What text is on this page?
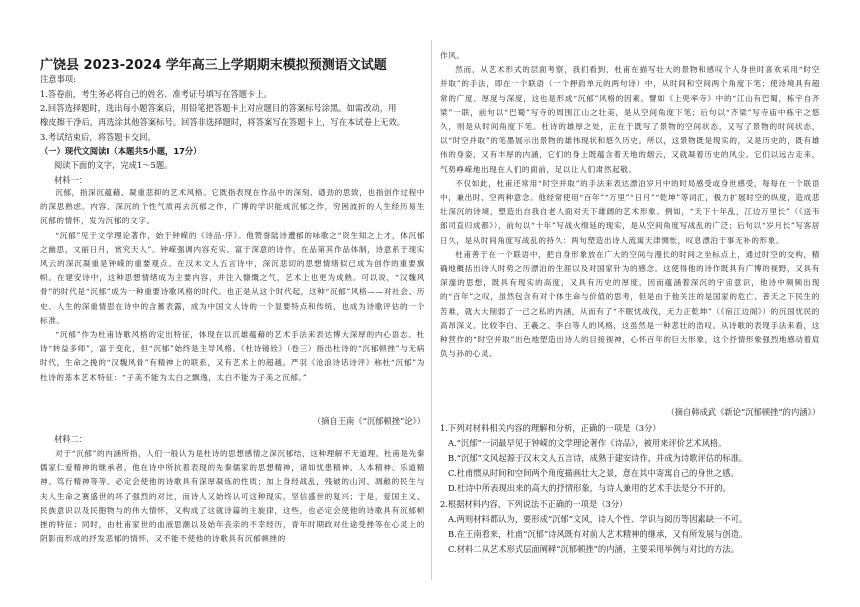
广饶县 2023-2024 学年高三上学期期末模拟预测语文试题
注意事项:
1.答卷前，考生务必将自己的姓名、准考证号填写在答题卡上。
2.回答选择题时，选出每小题答案后，用铅笔把答题卡上对应题目的答案标号涂黑。如需改动，用
橡皮擦干净后，再选涂其他答案标号。回答非选择题时，将答案写在答题卡上，写在本试卷上无效。
3.考试结束后，将答题卡交回。
（一）现代文阅读Ⅰ（本题共5小题，17分）
阅读下面的文字，完成1～5题。
材料一：

沉郁，指深沉蕴藉、凝重悲抑的艺术风格。它既指表现在作品中的深刻、遒劲的思致，也指创作过程中的深思熟虑。内容、深沉的个性气质再去沉郁之作，广博的学识能成沉郁之作，穷困波折的人生经历易生沉郁的情怀，发为沉郁的文字。

“沉郁”见于文学理论著作，始于钟嵘的《诗品·序》。他赞誉陆诗遭郁的咏歌之“资生知之上才，体沉郁之幽思，文丽日月，赏究天人”。钟嵘强调内容充实、富于深意的诗作，在品第其作品体制，诗意系于现实风云的深沉凝重是钟嵘的重要观点。在汉末文人五言诗中，深沉悲切的思想情绪似已成为创作的重要旗帜。在建安诗中，这种思想情绪成为主要内容，并注入慷慨之气，艺术上也更为成熟。可以说，“汉魏风骨”的时代是“沉郁”成为一种重要诗歌风格的时代。也正是从这个时代起，这种“沉郁”风格——对社会、历史、人生的深重情思在诗中的含蓄表露，成为中国文人诗的一个显要特点和传统，也成为诗歌评估的一个标准。

“沉郁”作为杜甫诗歌风格的定出特征，体现在以沉雄蕴藉的艺术手法来表达博大深厚的内心语志。杜诗“转益多师”，富于变化，但“沉郁”始终是主导风格。《杜诗镜铨》（卷三）指出杜诗的“沉郁顿挫”与无病时代，生命之挽的“汉魏风骨”有精神上的联系，又有艺术上的超越。严羽《沧浪诗话诗评》称杜“沉郁”为杜诗的基本艺术特征：“子美不能为太白之飘逸，太白不能为子美之沉郁。”

（摘自王南《“沉郁顿挫”论》）
材料二：

对于“沉郁”的内涵所指，人们一般认为是杜诗的思想感情之深沉郁结，这种理解不无道理。杜甫是先秦儒家仁爱精神的继承者，他在诗中所抗着表现的先秦儒家的思想精神，诸如忧患精神、人本精神、乐道精神、笃行精神等等。必定会使他的诗歌具有深厚凝炼的性质；加上身经战乱，残破的山河、凋敝的民生与夫人生命之赛盛世的坏了强烈的对比，而诗人又始终认可这种现实，坚信盛世的复兴；于是，爱国主义、民族意识以及民胞物与的伟大情怀，又构成了这就诗篇的主旋律，这些，也必定会使他的诗歌具有沉郁顿挫的特征；同时，由杜甫家世的血液思潮以及始年丧亲的不幸经历，青年时期政对仕途受挫等在心灵上的阴影而形成的抒发悲郁的情怀，又不能不使他的诗歌具有沉郁顿挫的

作风。

然而，从艺术形式的层面考察，我们看到，杜甫在描写壮大的景物和感叹个人身世时喜欢采用“时空并取”的手法，即在一个联语（一个押韵单元的两句诗）中，从时间和空间两个角度下笔；使诗境具有超常的广度、厚度与深度，这也是形成“沉郁”风格的因素。譬如《上兜率寺》中的“江山有巴蜀，栋宇自齐梁”一联，前句以“巴蜀”写寺的周围江山之壮美，是从空间角度下笔；后句以“齐梁”写寺庙中栋宇之悠久，则是从时间角度下笔。杜诗的雄厚之处，正在于既写了景物的空间状态，又写了景物的时间状态，以“时空并取”的笔墨展示出景物的雄伟现状和悠久历史。所以，这景物既是现实的，又是历史的，既有雄伟的身姿，又有丰厚的内涵，它们的身上既蕴含着天地的烟云，又就凝着历史的风尘。它们以远古走来，气势峥嵘地出现在人们的面前，足以让人们肃然起敬。

不仅如此，杜甫还常用“时空并取”的手法来表达漂泊岁月中的时局感受或身世感受，每每在一个联语中，兼出时、空两种意念。他经常使用“百年”“万里”“日月”“乾坤”等词汇，极力扩展时空的纵度，造成悲壮深沉的诗境，塑造出自我自老人面对天下雄阔的艺术形象。例如，“天下十年乱，江边万里长”（《送韦郎司直归成都》），前句以“十年”写战火绵延的现实，是从空间角度写战乱的广泛；后句以“岁月长”写客居日久，是从时间角度写战乱的持久：两句塑造出诗人流寓天津惆怅，叹息漂泊于事无补的形象。

杜甫善于在一个联语中，把自身形象放在广大的空间与漫长的时间之坐标点上，通过时空的交构，精确地概括出诗人时势之历漂泊的生涯以及对国家针为的感念。这使得他的诗作既具有广博的视野，又具有深邃的思想，既具有现实的高度，又具有历史的厚度，因而蕴涵着深沉的宇宙意识，他诗中频频出现的“百年”之叹，虽然包含有对个体生命与价值的思考，但是由于他关注的是国家的危亡、普天之下民生的苦难，就大大削弱了一己之私的内涵，从而有了“不眠忧战伐，无力正乾坤”（《宿江边阁》）的沉国忧民的高昂深义。比较李白、王羲之、李白等人的风格，这虽然是一种悲壮的浩叹。从诗歌的表现手法来看，这种营作的“时空并取”出色地塑造出诗人的目接视神，心怀百年的巨大形象，这个抒情形象强烈地感动着肩负与孙的心灵。

（摘自韩成武《新论“沉郁顿挫”的内涵》）
1.下列对材料相关内容的理解和分析，正确的一项是（3分）
A.“沉郁”一词最早见于钟嵘的文学理论著作《诗品》，被用来评价艺术风格。
B.“沉郁”文风起源于汉末文人五言诗，成熟于建安诗作，并成为诗歌评估的标准。
C.杜甫惯从时间和空间两个角度描画壮大之景，意在其中寄寓自己的身世之感。
D.杜诗中所表现出来的高大的抒情形象，与诗人兼用的艺术手法是分不开的。
2.根据材料内容，下列说法不正确的一项是（3分）
A.两则材料都认为，要形成“沉郁”文风，诗人个性、学识与阅历等因素缺一不可。
B.在王南看来，杜甫“沉郁”诗风既有对前人艺术精神的继承，又有所发展与创造。
C.材料二从艺术形式层面阐释“沉郁顿挫”的内涵，主要采用举例与对比的方法。
